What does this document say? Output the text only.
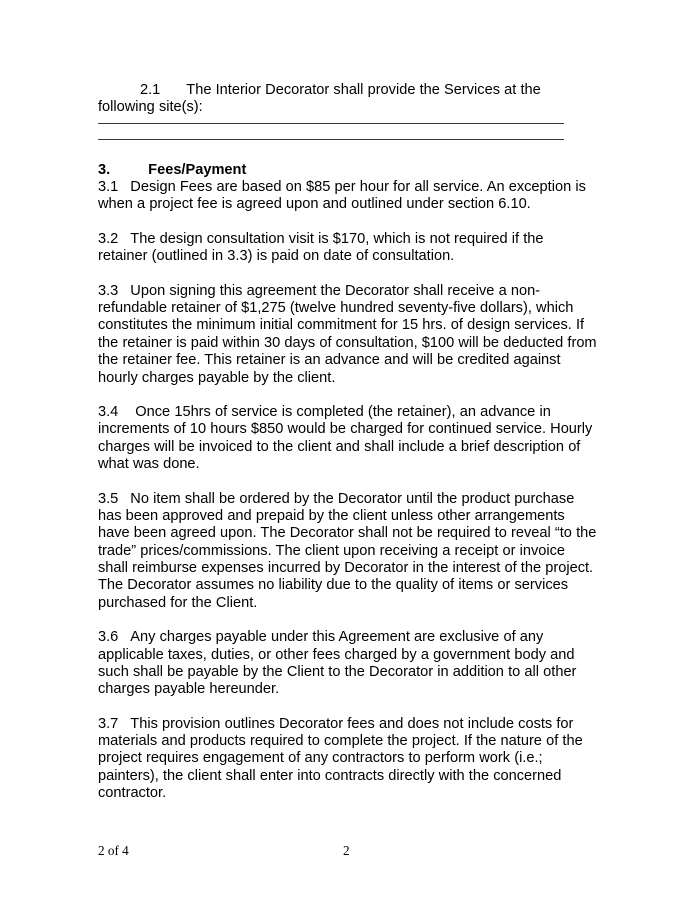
2.1 The Interior Decorator shall provide the Services at the following site(s):

3.	Fees/Payment

3.1 Design Fees are based on $85 per hour for all service. An exception is when a project fee is agreed upon and outlined under section 6.10.

3.2 The design consultation visit is $170, which is not required if the retainer (outlined in 3.3) is paid on date of consultation.

3.3 Upon signing this agreement the Decorator shall receive a non-refundable retainer of $1,275 (twelve hundred seventy-five dollars), which constitutes the minimum initial commitment for 15 hrs. of design services. If the retainer is paid within 30 days of consultation, $100 will be deducted from the retainer fee. This retainer is an advance and will be credited against hourly charges payable by the client.

3.4 Once 15hrs of service is completed (the retainer), an advance in increments of 10 hours $850 would be charged for continued service. Hourly charges will be invoiced to the client and shall include a brief description of what was done.

3.5 No item shall be ordered by the Decorator until the product purchase has been approved and prepaid by the client unless other arrangements have been agreed upon. The Decorator shall not be required to reveal “to the trade” prices/commissions. The client upon receiving a receipt or invoice shall reimburse expenses incurred by Decorator in the interest of the project. The Decorator assumes no liability due to the quality of items or services purchased for the Client.

3.6 Any charges payable under this Agreement are exclusive of any applicable taxes, duties, or other fees charged by a government body and such shall be payable by the Client to the Decorator in addition to all other charges payable hereunder.

3.7 This provision outlines Decorator fees and does not include costs for materials and products required to complete the project. If the nature of the project requires engagement of any contractors to perform work (i.e.; painters), the client shall enter into contracts directly with the concerned contractor.

2 of 4	2
